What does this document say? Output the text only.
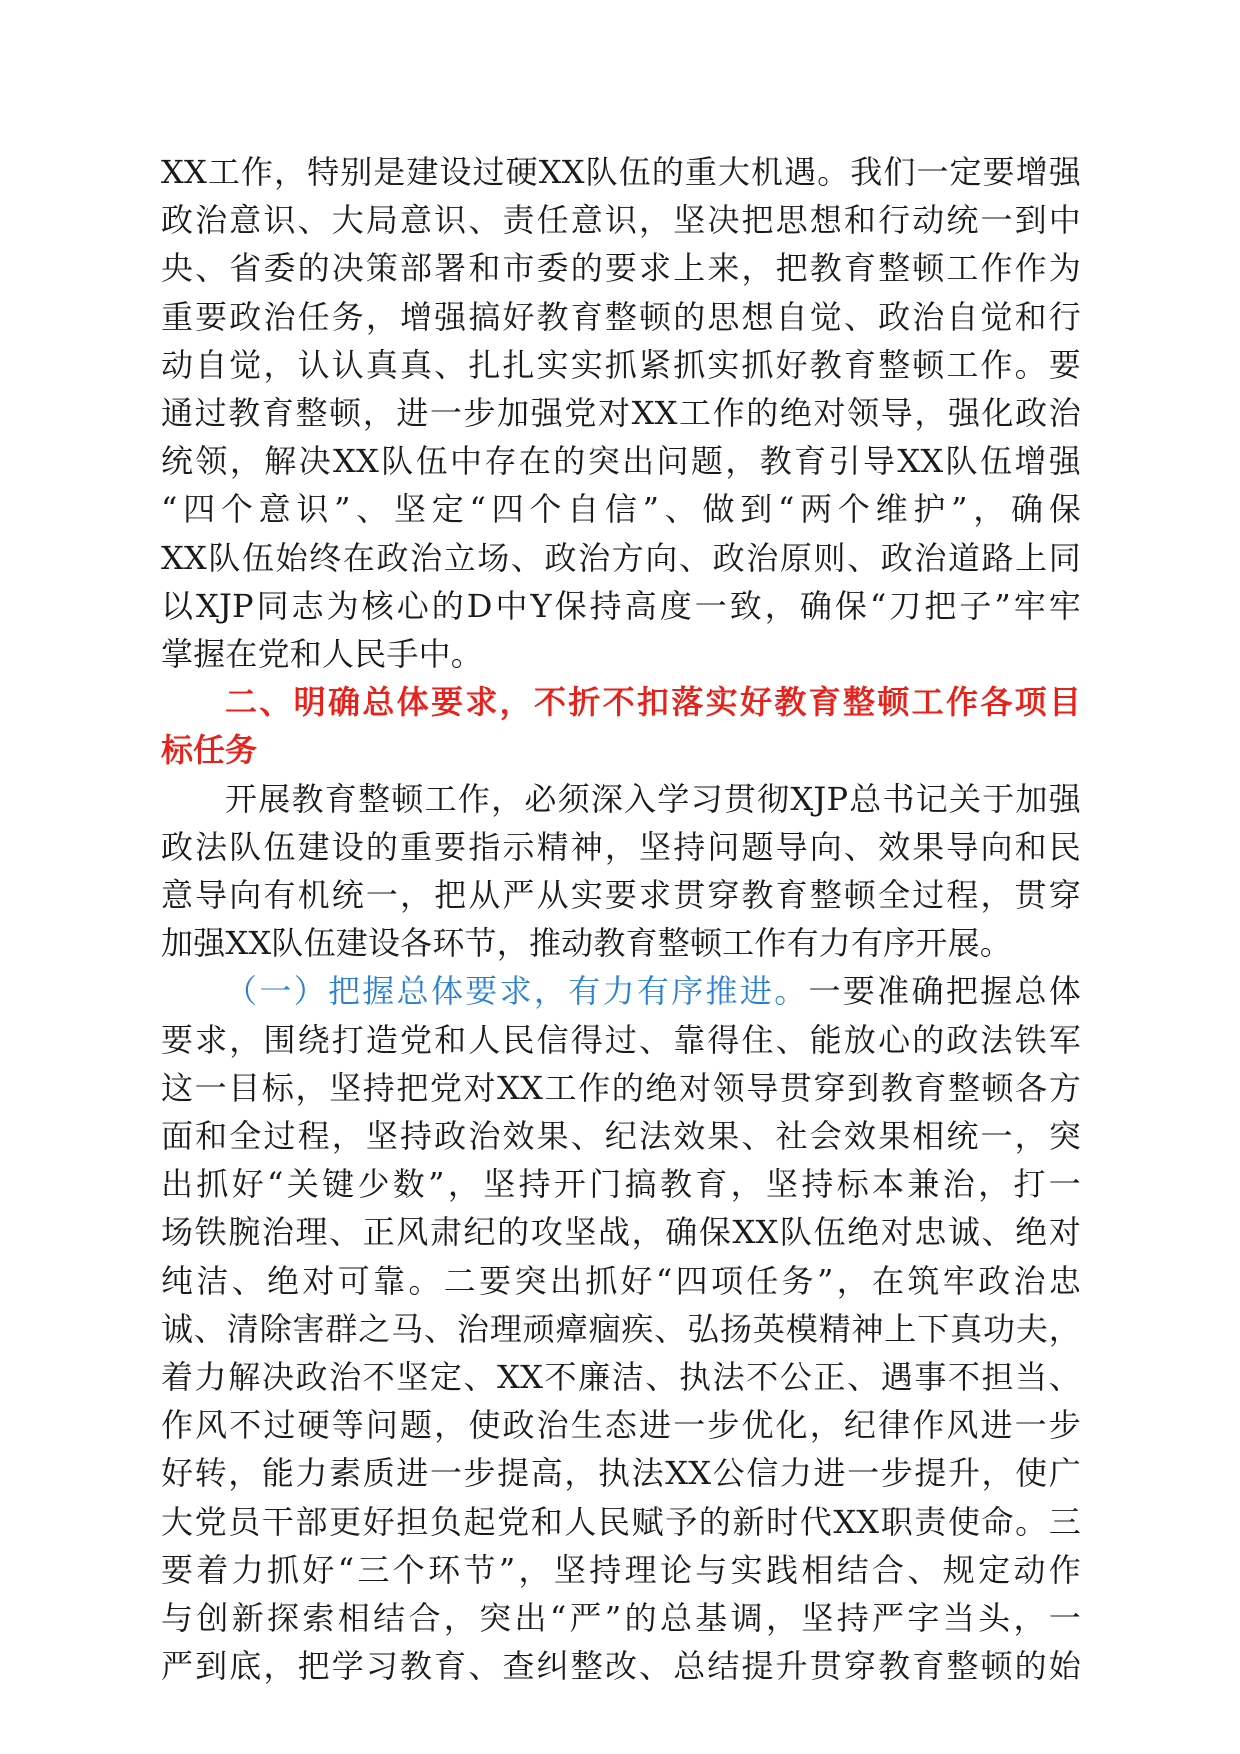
XX工作，特别是建设过硬XX队伍的重大机遇。我们一定要增强
政治意识、大局意识、责任意识，坚决把思想和行动统一到中
央、省委的决策部署和市委的要求上来，把教育整顿工作作为
重要政治任务，增强搞好教育整顿的思想自觉、政治自觉和行
动自觉，认认真真、扎扎实实抓紧抓实抓好教育整顿工作。要
通过教育整顿，进一步加强党对XX工作的绝对领导，强化政治
统领，解决XX队伍中存在的突出问题，教育引导XX队伍增强
“四个意识”、坚定“四个自信”、做到“两个维护”，确保
XX队伍始终在政治立场、政治方向、政治原则、政治道路上同
以XJP同志为核心的D中Y保持高度一致，确保“刀把子”牢牢
掌握在党和人民手中。
二、明确总体要求，不折不扣落实好教育整顿工作各项目
标任务
开展教育整顿工作，必须深入学习贯彻XJP总书记关于加强
政法队伍建设的重要指示精神，坚持问题导向、效果导向和民
意导向有机统一，把从严从实要求贯穿教育整顿全过程，贯穿
加强XX队伍建设各环节，推动教育整顿工作有力有序开展。
（一）把握总体要求，有力有序推进。一要准确把握总体
要求，围绕打造党和人民信得过、靠得住、能放心的政法铁军
这一目标，坚持把党对XX工作的绝对领导贯穿到教育整顿各方
面和全过程，坚持政治效果、纪法效果、社会效果相统一，突
出抓好“关键少数”，坚持开门搞教育，坚持标本兼治，打一
场铁腕治理、正风肃纪的攻坚战，确保XX队伍绝对忠诚、绝对
纯洁、绝对可靠。二要突出抓好“四项任务”，在筑牢政治忠
诚、清除害群之马、治理顽瘴痼疾、弘扬英模精神上下真功夫，
着力解决政治不坚定、XX不廉洁、执法不公正、遇事不担当、
作风不过硬等问题，使政治生态进一步优化，纪律作风进一步
好转，能力素质进一步提高，执法XX公信力进一步提升，使广
大党员干部更好担负起党和人民赋予的新时代XX职责使命。三
要着力抓好“三个环节”，坚持理论与实践相结合、规定动作
与创新探索相结合，突出“严”的总基调，坚持严字当头，一
严到底，把学习教育、查纠整改、总结提升贯穿教育整顿的始
